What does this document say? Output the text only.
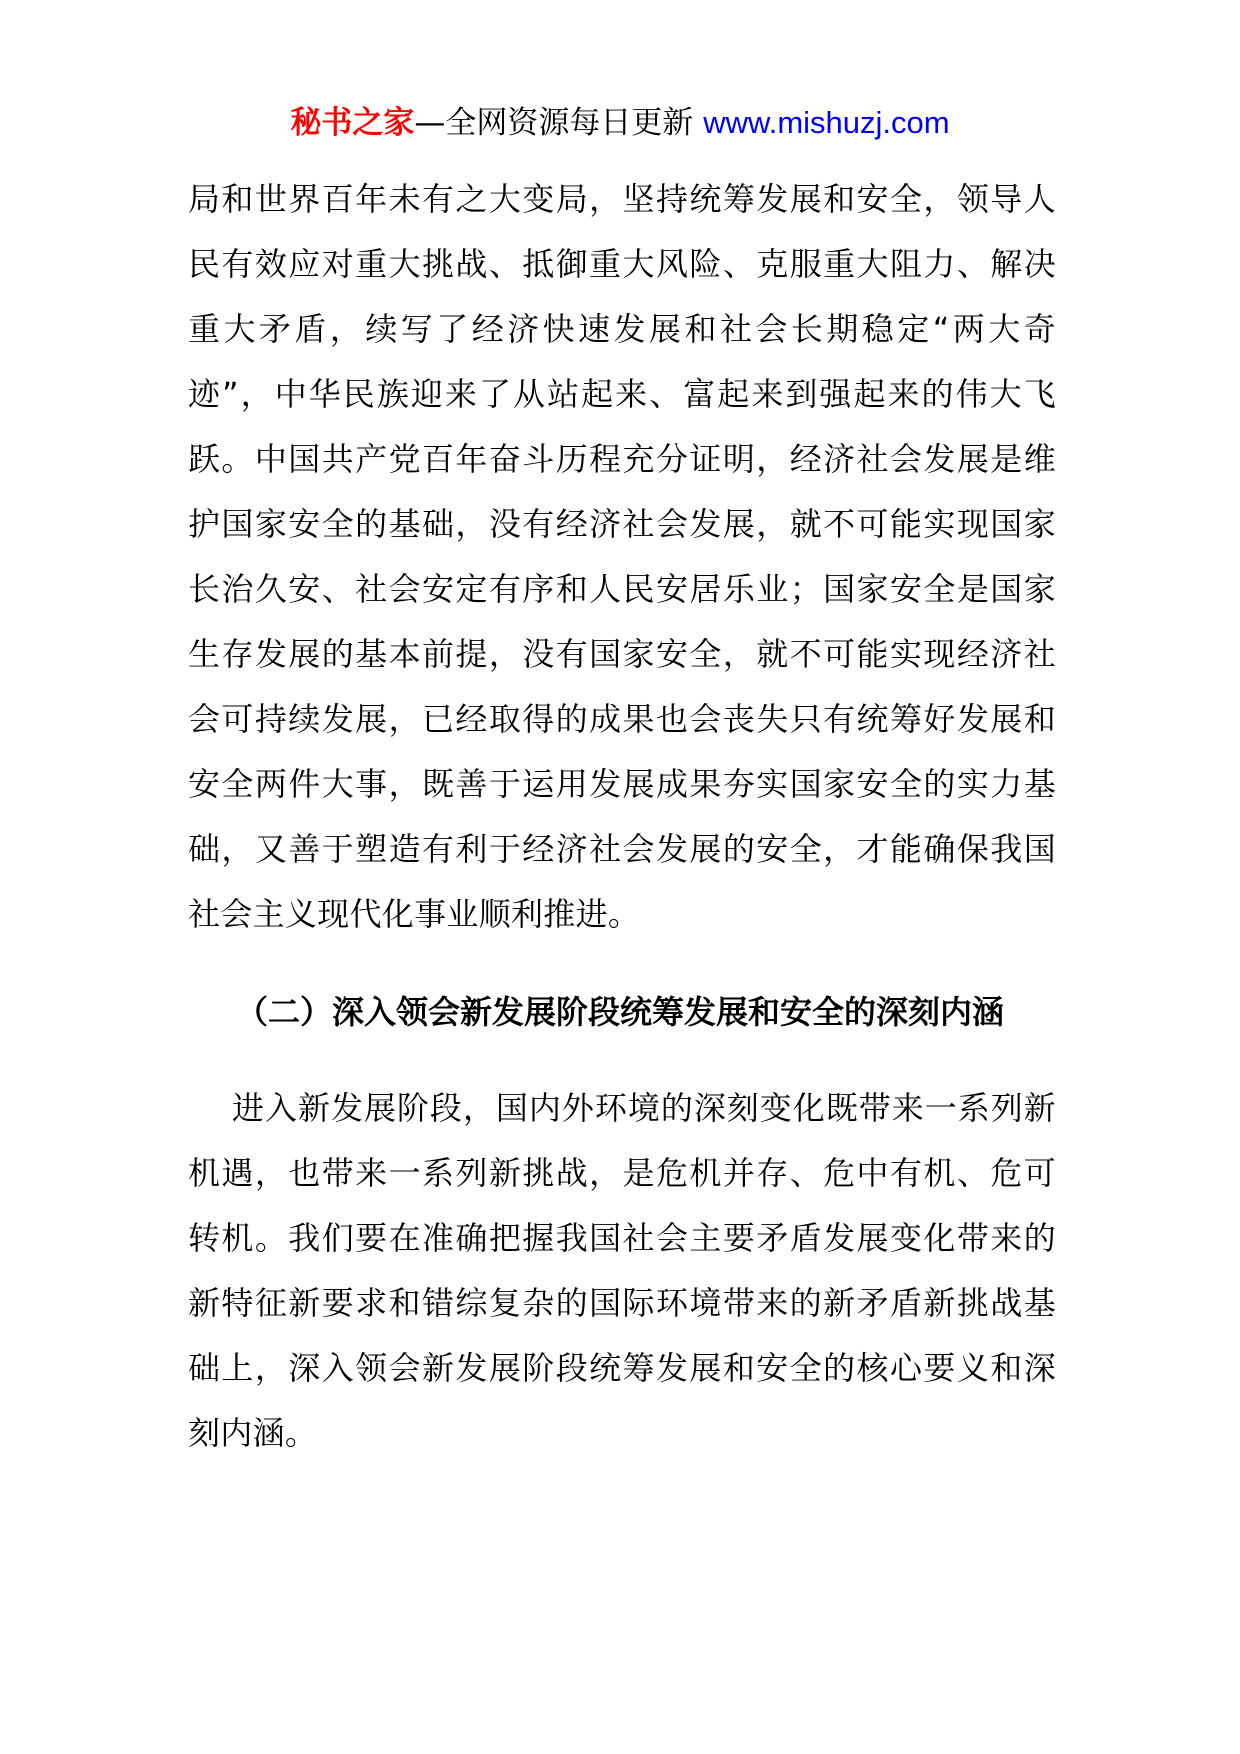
秘书之家—全网资源每日更新 www.mishuzj.com

局和世界百年未有之大变局，坚持统筹发展和安全，领导人民有效应对重大挑战、抵御重大风险、克服重大阻力、解决重大矛盾，续写了经济快速发展和社会长期稳定“两大奇迹”，中华民族迎来了从站起来、富起来到强起来的伟大飞跃。中国共产党百年奋斗历程充分证明，经济社会发展是维护国家安全的基础，没有经济社会发展，就不可能实现国家长治久安、社会安定有序和人民安居乐业；国家安全是国家生存发展的基本前提，没有国家安全，就不可能实现经济社会可持续发展，已经取得的成果也会丧失只有统筹好发展和安全两件大事，既善于运用发展成果夯实国家安全的实力基础，又善于塑造有利于经济社会发展的安全，才能确保我国社会主义现代化事业顺利推进。

（二）深入领会新发展阶段统筹发展和安全的深刻内涵

进入新发展阶段，国内外环境的深刻变化既带来一系列新机遇，也带来一系列新挑战，是危机并存、危中有机、危可转机。我们要在准确把握我国社会主要矛盾发展变化带来的新特征新要求和错综复杂的国际环境带来的新矛盾新挑战基础上，深入领会新发展阶段统筹发展和安全的核心要义和深刻内涵。
